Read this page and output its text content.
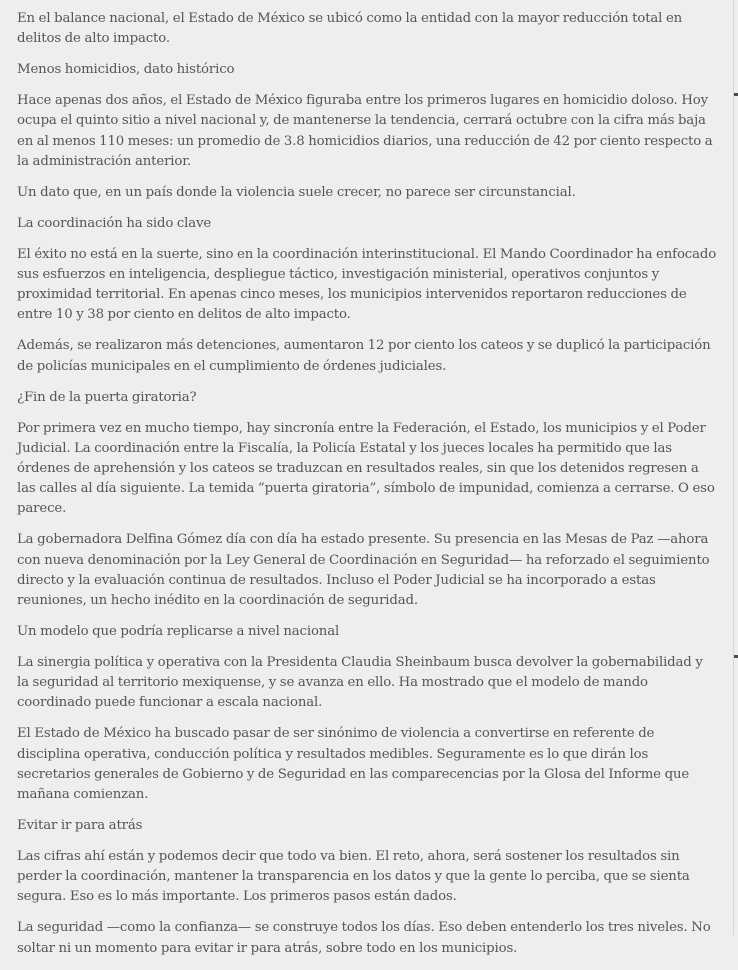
En el balance nacional, el Estado de México se ubicó como la entidad con la mayor reducción total en delitos de alto impacto.

Menos homicidios, dato histórico

Hace apenas dos años, el Estado de México figuraba entre los primeros lugares en homicidio doloso. Hoy ocupa el quinto sitio a nivel nacional y, de mantenerse la tendencia, cerrará octubre con la cifra más baja en al menos 110 meses: un promedio de 3.8 homicidios diarios, una reducción de 42 por ciento respecto a la administración anterior.

Un dato que, en un país donde la violencia suele crecer, no parece ser circunstancial.

La coordinación ha sido clave

El éxito no está en la suerte, sino en la coordinación interinstitucional. El Mando Coordinador ha enfocado sus esfuerzos en inteligencia, despliegue táctico, investigación ministerial, operativos conjuntos y proximidad territorial. En apenas cinco meses, los municipios intervenidos reportaron reducciones de entre 10 y 38 por ciento en delitos de alto impacto.

Además, se realizaron más detenciones, aumentaron 12 por ciento los cateos y se duplicó la participación de policías municipales en el cumplimiento de órdenes judiciales.

¿Fin de la puerta giratoria?

Por primera vez en mucho tiempo, hay sincronía entre la Federación, el Estado, los municipios y el Poder Judicial. La coordinación entre la Fiscalía, la Policía Estatal y los jueces locales ha permitido que las órdenes de aprehensión y los cateos se traduzcan en resultados reales, sin que los detenidos regresen a las calles al día siguiente. La temida “puerta giratoria”, símbolo de impunidad, comienza a cerrarse. O eso parece.

La gobernadora Delfina Gómez día con día ha estado presente. Su presencia en las Mesas de Paz —ahora con nueva denominación por la Ley General de Coordinación en Seguridad— ha reforzado el seguimiento directo y la evaluación continua de resultados. Incluso el Poder Judicial se ha incorporado a estas reuniones, un hecho inédito en la coordinación de seguridad.

Un modelo que podría replicarse a nivel nacional

La sinergia política y operativa con la Presidenta Claudia Sheinbaum busca devolver la gobernabilidad y la seguridad al territorio mexiquense, y se avanza en ello. Ha mostrado que el modelo de mando coordinado puede funcionar a escala nacional.

El Estado de México ha buscado pasar de ser sinónimo de violencia a convertirse en referente de disciplina operativa, conducción política y resultados medibles. Seguramente es lo que dirán los secretarios generales de Gobierno y de Seguridad en las comparecencias por la Glosa del Informe que mañana comienzan.

Evitar ir para atrás

Las cifras ahí están y podemos decir que todo va bien. El reto, ahora, será sostener los resultados sin perder la coordinación, mantener la transparencia en los datos y que la gente lo perciba, que se sienta segura. Eso es lo más importante. Los primeros pasos están dados.

La seguridad —como la confianza— se construye todos los días. Eso deben entenderlo los tres niveles. No soltar ni un momento para evitar ir para atrás, sobre todo en los municipios.
